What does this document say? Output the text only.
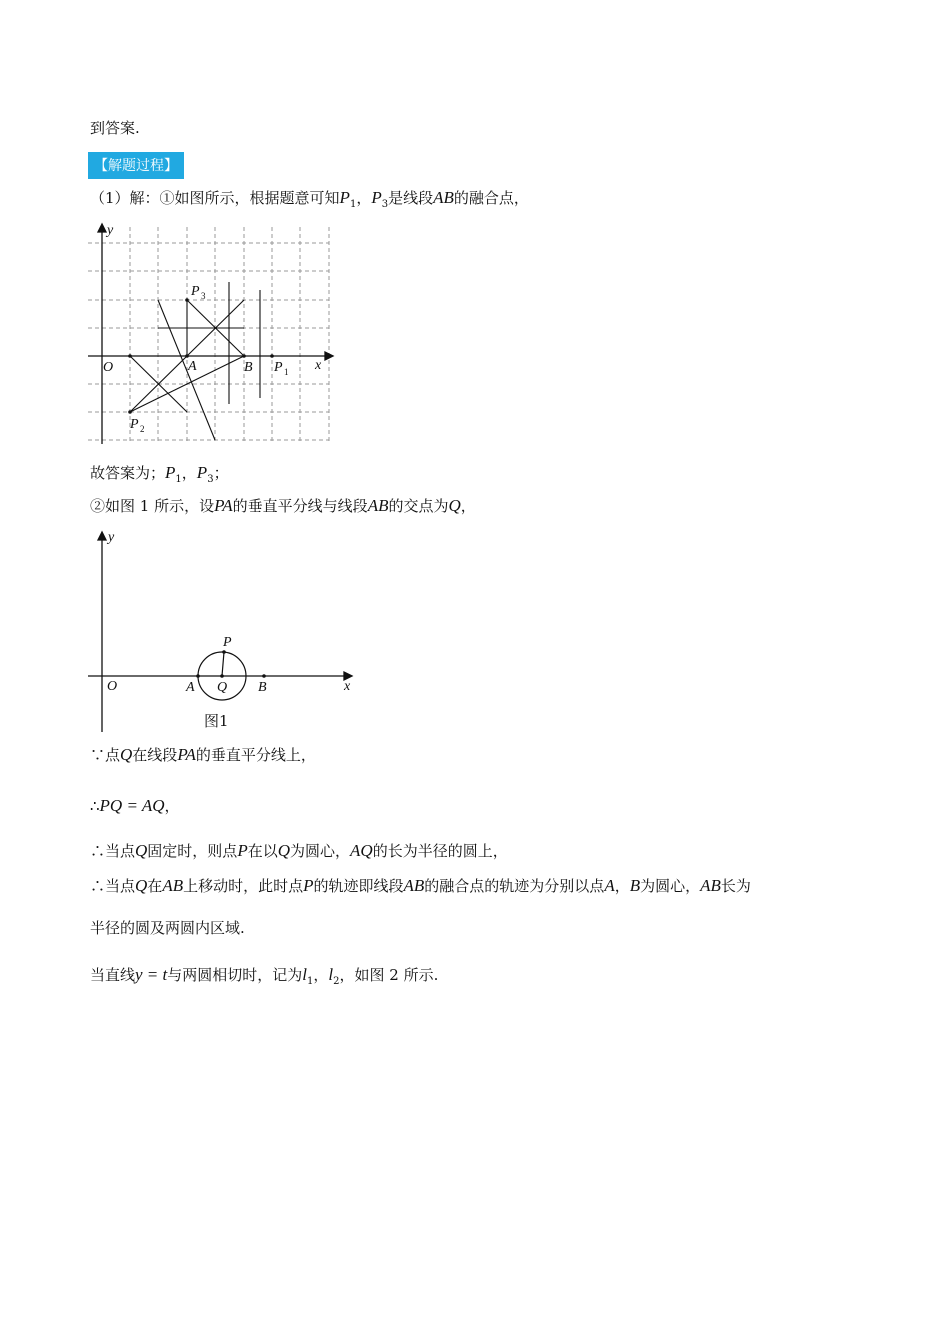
到答案.
【解题过程】
（1）解：①如图所示，根据题意可知$P_1$，$P_3$是线段AB的融合点，
y
x
O	A	B P 1
P 2
P 3
故答案为；$P_1$，$P_3$；
②如图 1 所示，设PA的垂直平分线与线段AB的交点为Q，
y
x
O	A Q B
P
图1
∵点Q在线段PA的垂直平分线上，
∴PQ = AQ，
∴当点Q固定时，则点P在以Q为圆心，AQ的长为半径的圆上，
∴当点Q在AB上移动时，此时点P的轨迹即线段AB的融合点的轨迹为分别以点A，B为圆心，AB长为
半径的圆及两圆内区域.
当直线y = t与两圆相切时，记为$l_1$，$l_2$，如图 2 所示.
